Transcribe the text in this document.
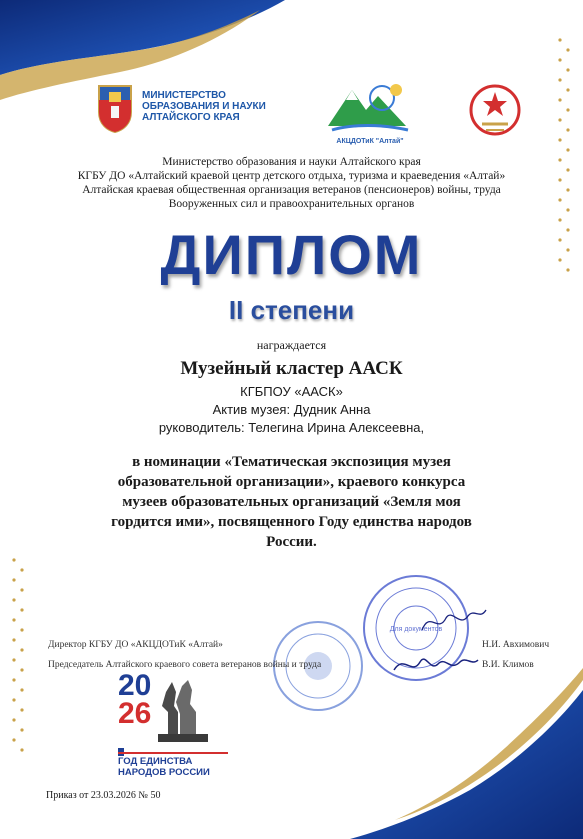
МИНИСТЕРСТВО
ОБРАЗОВАНИЯ И НАУКИ
АЛТАЙСКОГО КРАЯ
АКЦДОТиК "Алтай"
Министерство образования и науки Алтайского края
КГБУ ДО «Алтайский краевой центр детского отдыха, туризма и краеведения «Алтай»
Алтайская краевая общественная организация ветеранов (пенсионеров) войны, труда
Вооруженных сил и правоохранительных органов
ДИПЛОМ
II степени
награждается
Музейный кластер ААСК
КГБПОУ «ААСК»
Актив музея: Дудник Анна
руководитель: Телегина Ирина Алексеевна,
в номинации «Тематическая экспозиция музея
образовательной организации», краевого конкурса
музеев образовательных организаций «Земля моя
гордится ими», посвященного Году единства народов
России.
Для документов
Директор КГБУ ДО «АКЦДОТиК «Алтай»	Н.И. Авхимович
Председатель Алтайского краевого совета ветеранов войны и труда	В.И. Климов
20
26
ГОД ЕДИНСТВА
НАРОДОВ РОССИИ
Приказ от 23.03.2026 № 50
